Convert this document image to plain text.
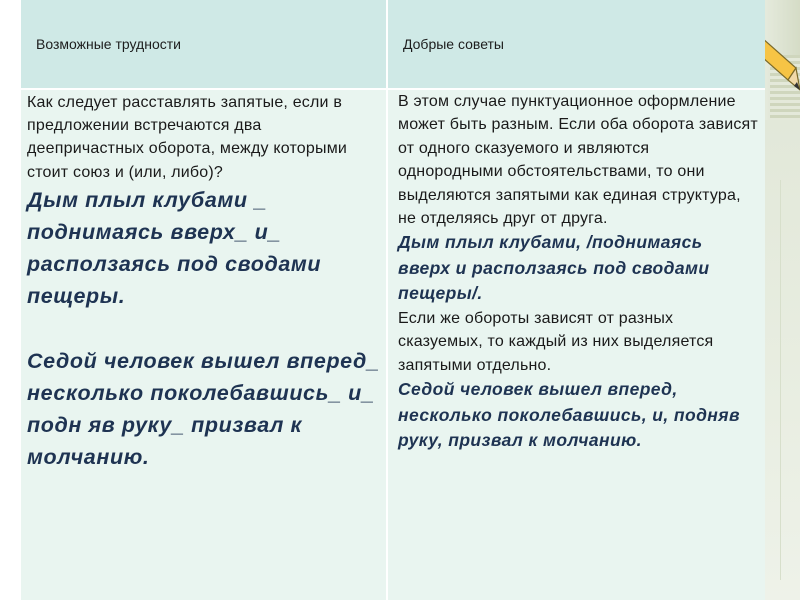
Возможные трудности	Добрые советы

Как следует расставлять запятые, если в предложении встречаются два деепричастных оборота, между которыми стоит союз и (или, либо)?

Дым плыл клубами _ поднимаясь вверх_ и_ расползаясь под сводами пещеры.

Седой человек вышел вперед_ несколько поколебавшись_ и_ подн яв руку_ призвал к молчанию.

В этом случае пунктуационное оформление может быть разным. Если оба оборота зависят от одного сказуемого и являются однородными обстоятельствами, то они выделяются запятыми как единая структура, не отделяясь друг от друга.

Дым плыл клубами, /поднимаясь вверх и расползаясь под сводами пещеры/.

Если же обороты зависят от разных сказуемых, то каждый из них выделяется запятыми отдельно.

Седой человек вышел вперед, несколько поколебавшись, и, подняв руку, призвал к молчанию.
